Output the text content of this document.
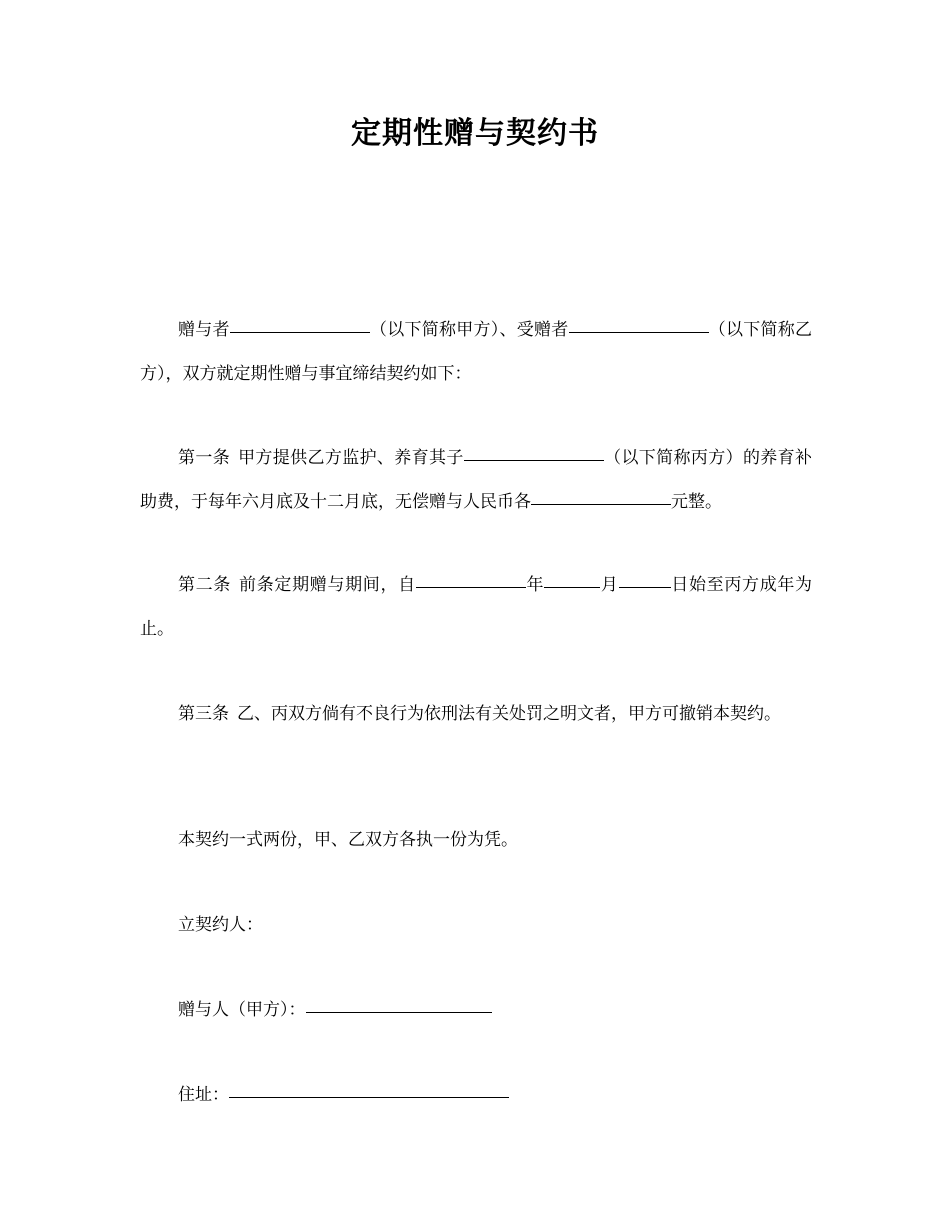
定期性赠与契约书

赠与者	（以下简称甲方）、受赠者	（以下简称乙方），双方就定期性赠与事宜缔结契约如下：

第一条 甲方提供乙方监护、养育其子	（以下简称丙方）的养育补助费，于每年六月底及十二月底，无偿赠与人民币各	元整。

第二条 前条定期赠与期间，自	年	月	日始至丙方成年为止。

第三条 乙、丙双方倘有不良行为依刑法有关处罚之明文者，甲方可撤销本契约。

本契约一式两份，甲、乙双方各执一份为凭。

立契约人：

赠与人（甲方）：

住址：
